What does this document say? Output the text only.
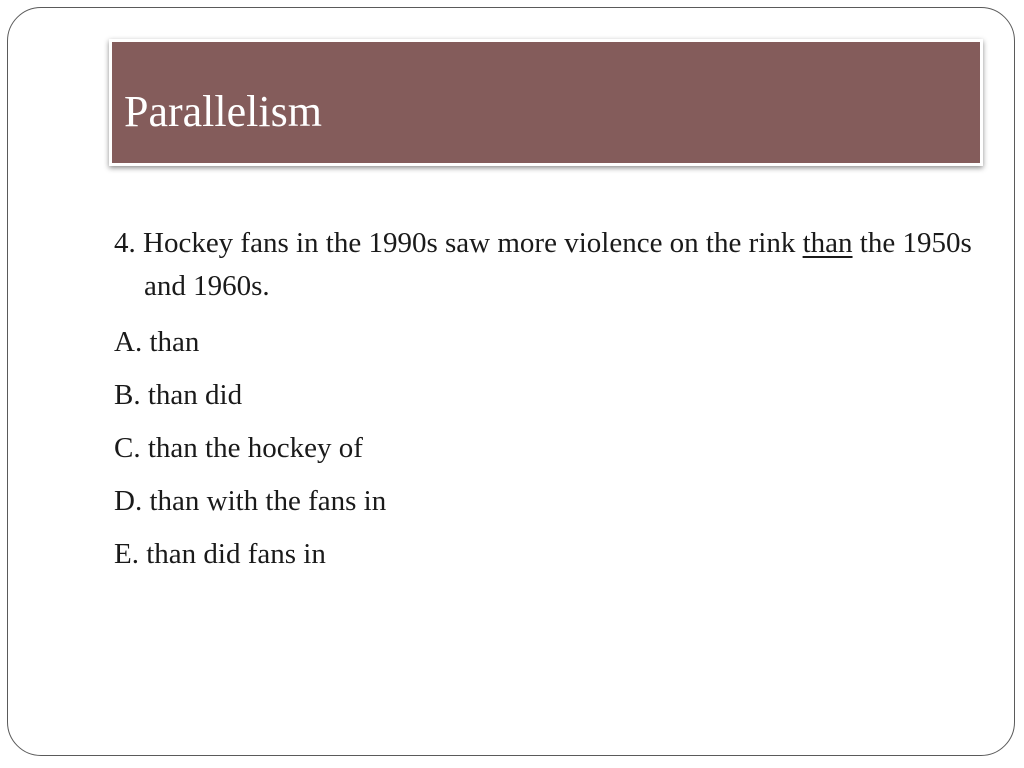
Parallelism

4. Hockey fans in the 1990s saw more violence on the rink than the 1950s and 1960s.

A. than

B. than did

C. than the hockey of

D. than with the fans in

E. than did fans in
